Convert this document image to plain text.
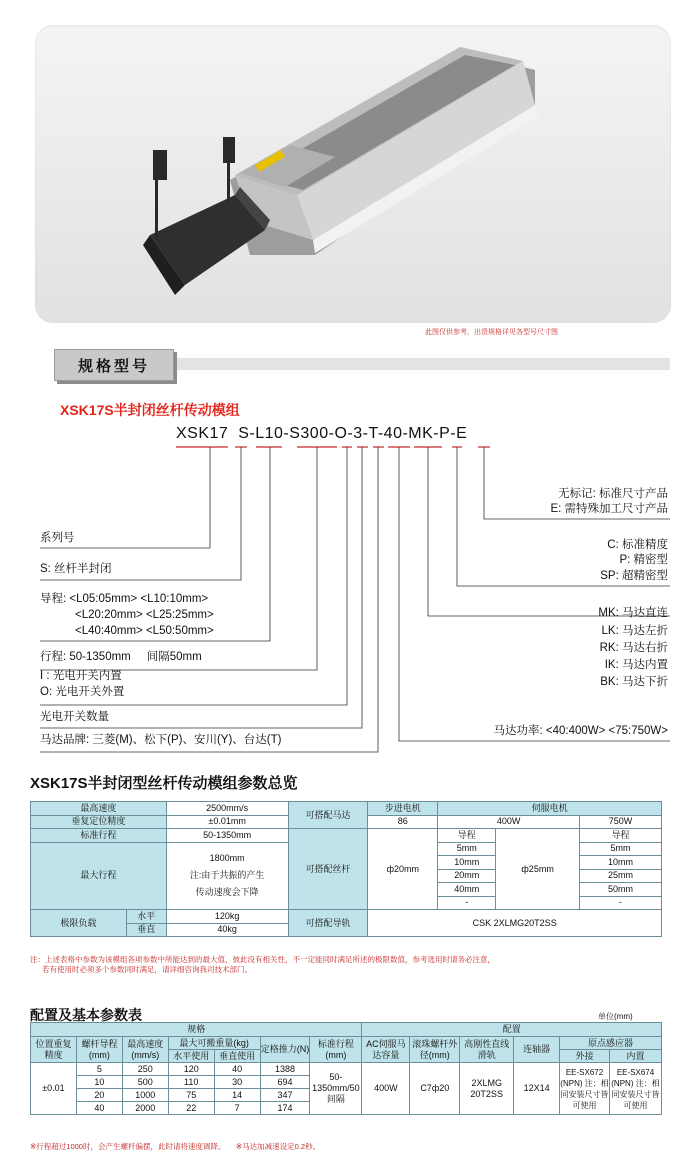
此图仅供参考，出货规格详见各型号尺寸图
规格型号
XSK17S半封闭丝杆传动模组
XSK17 S-L10-S300-O-3-T-40-MK-P-E
系列号
S: 丝杆半封闭
导程: <L05:05mm> <L10:10mm>
<L20:20mm> <L25:25mm>
<L40:40mm> <L50:50mm>
行程: 50-1350mm     间隔50mm
I : 光电开关内置
O: 光电开关外置
光电开关数量
马达品牌: 三菱(M)、松下(P)、安川(Y)、台达(T)
无标记: 标准尺寸产品
E: 需特殊加工尺寸产品
C: 标准精度
P: 精密型
SP: 超精密型
MK: 马达直连
LK: 马达左折
RK: 马达右折
IK: 马达内置
BK: 马达下折
马达功率: <40:400W> <75:750W>
XSK17S半封闭型丝杆传动模组参数总览
最高速度		2500mm/s	可搭配马达	步进电机	伺服电机		
垂复定位精度		±0.01mm		86	400W		750W
标准行程		50-1350mm	可搭配丝杆	ф20mm	导程	ф25mm	导程
最大行程		1800mm
注:由于共振的产生
传动速度会下降			5mm		5mm
					10mm		10mm
					20mm		25mm
					40mm		50mm
					-		-
极限负载	水平	120kg	可搭配导轨	CSK 2XLMG20T2SS			
	垂直	40kg					
注：上述表格中参数为该模组各项参数中所能达到的最大值，彼此没有相关性，不一定能同时满足所述的极限数值，参考选用时请务必注意，
若有使用时必须多个参数同时满足，请详细咨询我司技术部门。
配置及基本参数表	单位(mm)
规格							配置					
位置重复精度	螺杆导程(mm)	最高速度(mm/s)	最大可搬重量(kg)		定格推力(N)	标准行程(mm)	AC伺服马达容量	滚珠螺杆外径(mm)	高刚性直线滑轨	连轴器	原点感应器	
			水平使用	垂直使用							外接	内置
±0.01	5	250	120	40	1388	50-1350mm/50间隔	400W	C7ф20	2XLMG 20T2SS	12X14	EE-SX672 (NPN) 注：相同安装尺寸皆可使用	EE-SX674 (NPN) 注：相同安装尺寸皆可使用
	10	500	110	30	694							
	20	1000	75	14	347							
	40	2000	22	7	174							
※行程超过1000时，会产生螺杆偏摆，此时请将速度调降。     ※马达加减速设定0.2秒。
